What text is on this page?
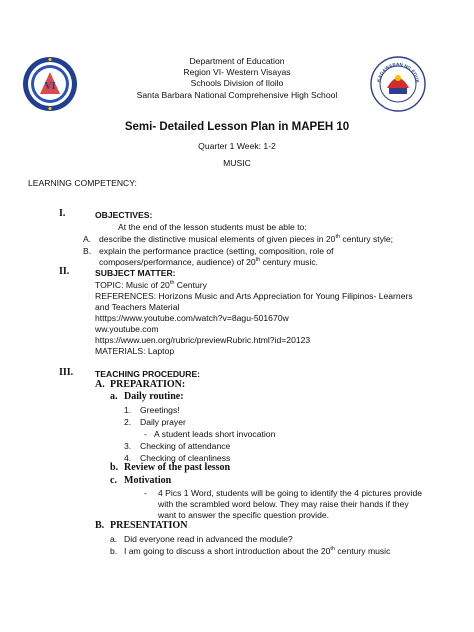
VI
KAGAWARAN NG EDUK
Department of Education
Region VI- Western Visayas
Schools Division of Iloilo
Santa Barbara National Comprehensive High School
Semi- Detailed Lesson Plan in MAPEH 10
Quarter 1 Week: 1-2
MUSIC
LEARNING COMPETENCY:
I.	OBJECTIVES:
At the end of the lesson students must be able to:
A. describe the distinctive musical elements of given pieces in 20th century style;
B. explain the performance practice (setting, composition, role of
composers/performance, audience) of 20th century music.
II.	SUBJECT MATTER:
TOPIC: Music of 20th Century
REFERENCES: Horizons Music and Arts Appreciation for Young Filipinos- Learners
and Teachers Material
htttps://www.youtube.com/watch?v=8agu-501670w
ww.youtube.com
https://www.uen.org/rubric/previewRubric.html?id=20123
MATERIALS: Laptop
III.	TEACHING PROCEDURE:
A. PREPARATION:
a. Daily routine:
1. Greetings!
2. Daily prayer
- A student leads short invocation
3. Checking of attendance
4. Checking of cleanliness
b. Review of the past lesson
c. Motivation
- 4 Pics 1 Word, students will be going to identify the 4 pictures provide
with the scrambled word below. They may raise their hands if they
want to answer the specific question provide.
B. PRESENTATION
a. Did everyone read in advanced the module?
b. I am going to discuss a short introduction about the 20th century music
